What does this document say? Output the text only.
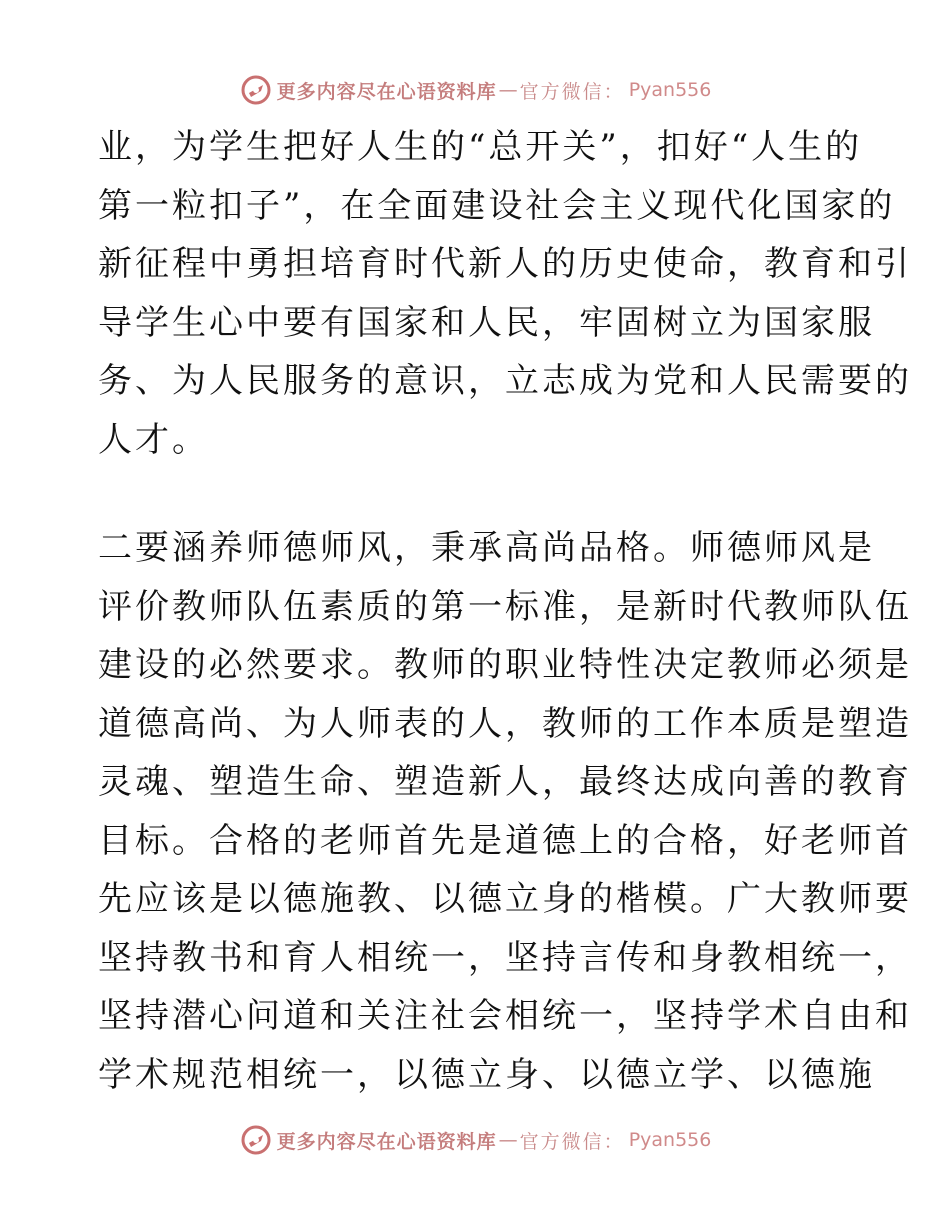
更多内容尽在心语资料库 — 官方微信： Pyan556

业，为学生把好人生的“总开关”，扣好“人生的
第一粒扣子”，在全面建设社会主义现代化国家的
新征程中勇担培育时代新人的历史使命，教育和引
导学生心中要有国家和人民，牢固树立为国家服
务、为人民服务的意识，立志成为党和人民需要的
人才。

二要涵养师德师风，秉承高尚品格。师德师风是
评价教师队伍素质的第一标准，是新时代教师队伍
建设的必然要求。教师的职业特性决定教师必须是
道德高尚、为人师表的人，教师的工作本质是塑造
灵魂、塑造生命、塑造新人，最终达成向善的教育
目标。合格的老师首先是道德上的合格，好老师首
先应该是以德施教、以德立身的楷模。广大教师要
坚持教书和育人相统一，坚持言传和身教相统一，
坚持潜心问道和关注社会相统一，坚持学术自由和
学术规范相统一，以德立身、以德立学、以德施

更多内容尽在心语资料库 — 官方微信： Pyan556
